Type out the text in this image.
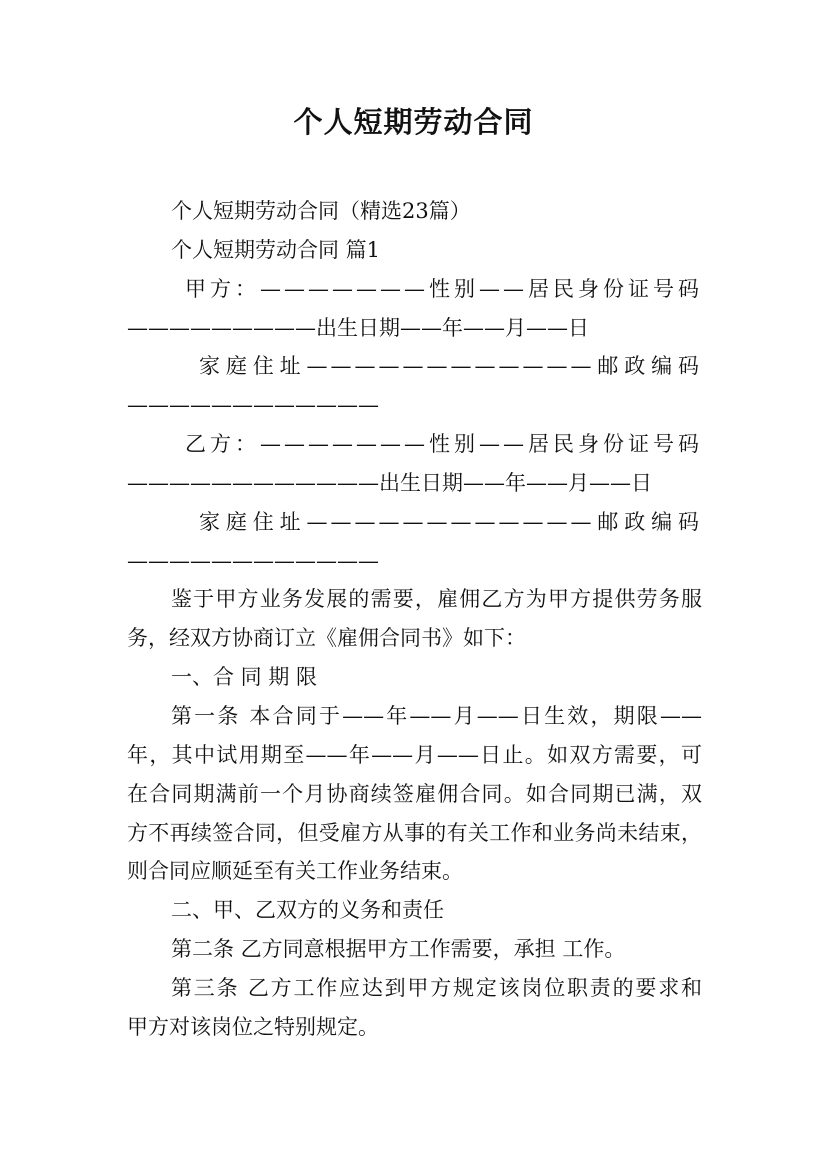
个人短期劳动合同
个人短期劳动合同（精选23篇）
个人短期劳动合同 篇1
甲方：———————性别——居民身份证号码
—————————出生日期——年——月——日
家庭住址————————————邮政编码
————————————
乙方：———————性别——居民身份证号码
————————————出生日期——年——月——日
家庭住址————————————邮政编码
————————————
鉴于甲方业务发展的需要，雇佣乙方为甲方提供劳务服
务，经双方协商订立《雇佣合同书》如下：
一、合 同 期 限
第一条 本合同于——年——月——日生效，期限——
年，其中试用期至——年——月——日止。如双方需要，可
在合同期满前一个月协商续签雇佣合同。如合同期已满，双
方不再续签合同，但受雇方从事的有关工作和业务尚未结束，
则合同应顺延至有关工作业务结束。
二、甲、乙双方的义务和责任
第二条 乙方同意根据甲方工作需要，承担 工作。
第三条 乙方工作应达到甲方规定该岗位职责的要求和
甲方对该岗位之特别规定。
